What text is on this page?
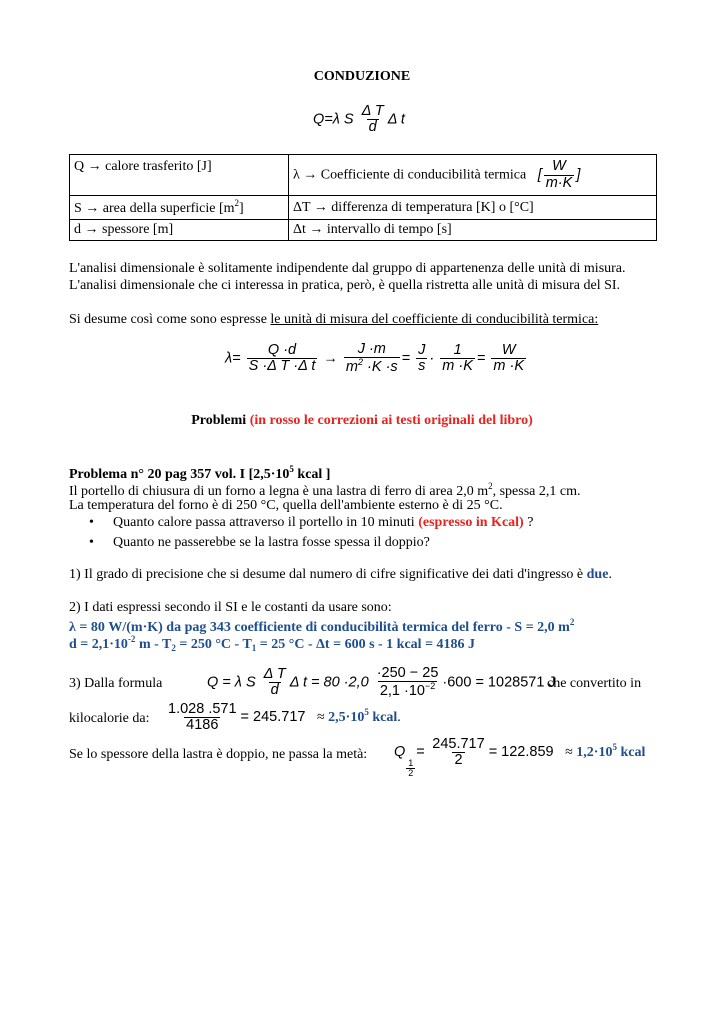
CONDUZIONE
Q=λ S $\frac{\text{Δ T}}{d}$ Δ t
Q → calore trasferito [J]	λ → Coefficiente di conducibilità termica [ $\frac{W}{m\cdot K}$ ]
S → area della superficie $[m^2]$	ΔT → differenza di temperatura [K] o [°C]
d → spessore [m]	Δt → intervallo di tempo [s]
L'analisi dimensionale è solitamente indipendente dal gruppo di appartenenza delle unità di misura.
L'analisi dimensionale che ci interessa in pratica, però, è quella ristretta alle unità di misura del SI.
Si desume così come sono espresse le unità di misura del coefficiente di conducibilità termica:
$\lambda= \frac{Q \cdot d}{\text{S ·Δ T ·Δ t}} \to \frac{J \cdot m}{m^2 \cdot K \cdot s} = \frac{J}{s} \cdot \frac{1}{m \cdot K} = \frac{W}{m \cdot K}$
Problemi (in rosso le correzioni ai testi originali del libro)
Problema n° 20 pag 357 vol. I [$2,5\cdot 10^5$ kcal ]
Il portello di chiusura di un forno a legna è una lastra di ferro di area 2,0 $m^2$, spessa 2,1 cm.
La temperatura del forno è di 250 °C, quella dell'ambiente esterno è di 25 °C.
• Quanto calore passa attraverso il portello in 10 minuti (espresso in Kcal) ?
• Quanto ne passerebbe se la lastra fosse spessa il doppio?
1) Il grado di precisione che si desume dal numero di cifre significative dei dati d'ingresso è due.
2) I dati espressi secondo il SI e le costanti da usare sono:
λ = 80 W/(m·K) da pag 343 coefficiente di conducibilità termica del ferro - S = 2,0 $m^2$
$d = 2,1\cdot 10^{-2}$ $m - T_2 = 250$ $^\circ C - T_1 = 25$ °C - Δt = 600 s - 1 kcal = 4186 J
3) Dalla formula	Q = λ S $\frac{\text{Δ T}}{d}$ Δ $t = 80 \cdot 2,0 \frac{\cdot 250 - 25}{2,1 \cdot 10^{-2}} \cdot 600 = 1028571$ J
che convertito in
kilocalorie da: $\frac{1.028 .571}{4186} = 245.717 \approx 2,5\cdot 10^5$ kcal.
Se lo spessore della lastra è doppio, ne passa la metà: Q
$\frac{1}{2}$
= $\frac{245.717}{2} = 122.859 \approx 1,2\cdot 10^5$ kcal
